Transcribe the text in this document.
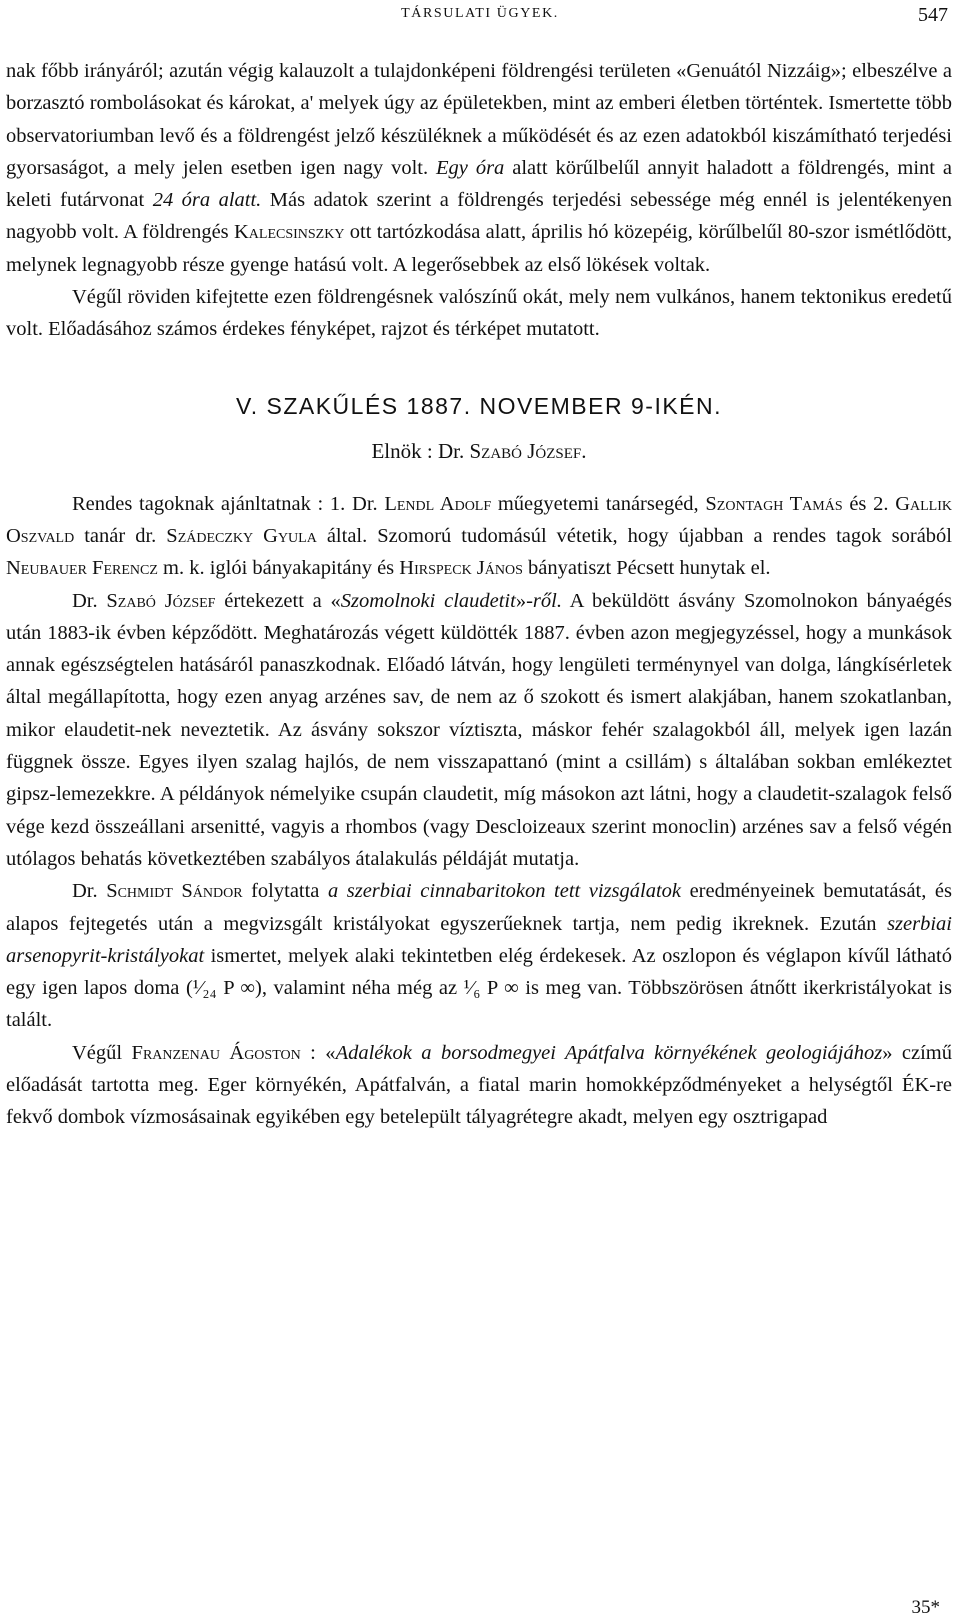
TÁRSULATI ÜGYEK.	547

nak főbb irányáról; azután végig kalauzolt a tulajdonképeni földrengési területen «Genuától Nizzáig»; elbeszélve a borzasztó rombolásokat és károkat, a' melyek úgy az épületekben, mint az emberi életben történtek. Ismertette több observatoriumban levő és a földrengést jelző készüléknek a működését és az ezen adatokból kiszámítható terjedési gyorsaságot, a mely jelen esetben igen nagy volt. Egy óra alatt körűlbelűl annyit haladott a földrengés, mint a keleti futárvonat 24 óra alatt. Más adatok szerint a földrengés terjedési sebessége még ennél is jelentékenyen nagyobb volt. A földrengés Kalecsinszky ott tartózkodása alatt, április hó közepéig, körűlbelűl 80-szor ismétlődött, melynek legnagyobb része gyenge hatású volt. A legerősebbek az első lökések voltak.

Végűl röviden kifejtette ezen földrengésnek valószínű okát, mely nem vulkános, hanem tektonikus eredetű volt. Előadásához számos érdekes fényképet, rajzot és térképet mutatott.

V. SZAKŰLÉS 1887. NOVEMBER 9-IKÉN.
Elnök : Dr. Szabó József.

Rendes tagoknak ajánltatnak : 1. Dr. Lendl Adolf műegyetemi tanársegéd, Szontagh Tamás és 2. Gallik Oszvald tanár dr. Szádeczky Gyula által. Szomorú tudomásúl vétetik, hogy újabban a rendes tagok sorából Neubauer Ferencz m. k. iglói bányakapitány és Hirspeck János bányatiszt Pécsett hunytak el.

Dr. Szabó József értekezett a «Szomolnoki claudetit»-ről. A beküldött ásvány Szomolnokon bányaégés után 1883-ik évben képződött. Meghatározás végett küldötték 1887. évben azon megjegyzéssel, hogy a munkások annak egészségtelen hatásáról panaszkodnak. Előadó látván, hogy lengületi terménynyel van dolga, lángkísérletek által megállapította, hogy ezen anyag arzénes sav, de nem az ő szokott és ismert alakjában, hanem szokatlanban, mikor elaudetit-nek neveztetik. Az ásvány sokszor víztiszta, máskor fehér szalagokból áll, melyek igen lazán függnek össze. Egyes ilyen szalag hajlós, de nem visszapattanó (mint a csillám) s általában sokban emlékeztet gipsz-lemezekkre. A példányok némelyike csupán claudetit, míg másokon azt látni, hogy a claudetit-szalagok felső vége kezd összeállani arsenitté, vagyis a rhombos (vagy Descloizeaux szerint monoclin) arzénes sav a felső végén utólagos behatás következtében szabályos átalakulás példáját mutatja.

Dr. Schmidt Sándor folytatta a szerbiai cinnabaritokon tett vizsgálatok eredményeinek bemutatását, és alapos fejtegetés után a megvizsgált kristályokat egyszerűeknek tartja, nem pedig ikreknek. Ezután szerbiai arsenopyrit-kristályokat ismertet, melyek alaki tekintetben elég érdekesek. Az oszlopon és véglapon kívűl látható egy igen lapos doma (¹⁄₂₄ P ∞), valamint néha még az ¹⁄₆ P ∞ is meg van. Többszörösen átnőtt ikerkristályokat is talált.

Végűl Franzenau Ágoston : «Adalékok a borsodmegyei Apátfalva környékének geologiájához» czímű előadását tartotta meg. Eger környékén, Apátfalván, a fiatal marin homokképződményeket a helységtől ÉK-re fekvő dombok vízmosásainak egyikében egy betelepült tályagrétegre akadt, melyen egy osztrigapad

35*
